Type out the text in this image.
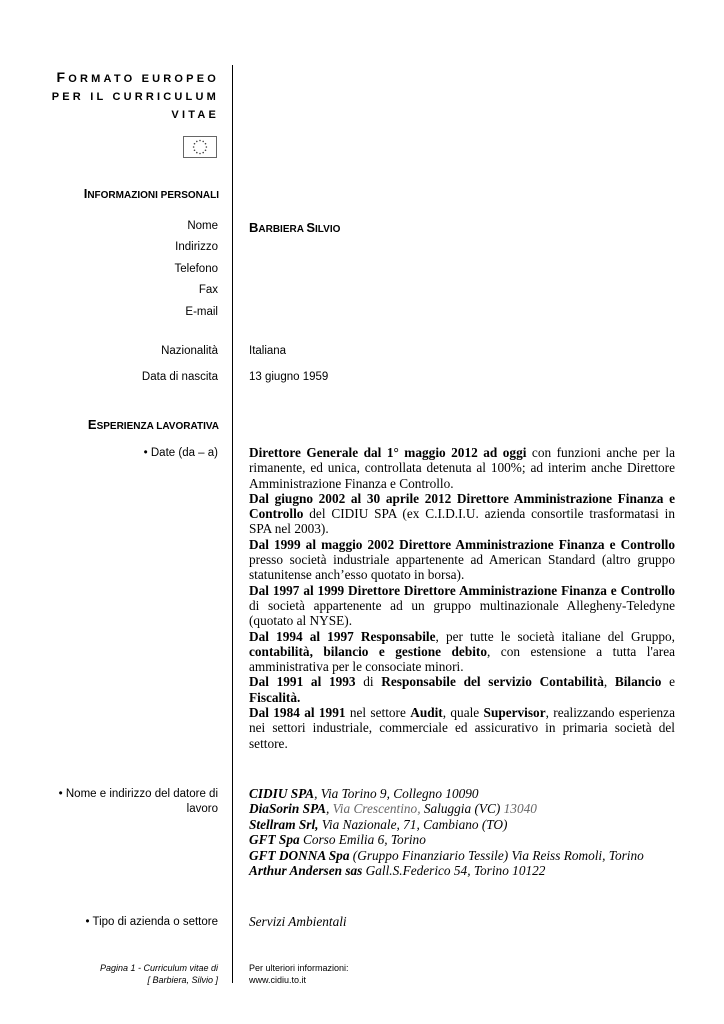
FORMATO EUROPEO
PER IL CURRICULUM
VITAE
INFORMAZIONI PERSONALI
Nome
Indirizzo
Telefono
Fax
E-mail
Nazionalità
Data di nascita
BARBIERA SILVIO
Italiana
13 giugno 1959
ESPERIENZA LAVORATIVA
• Date (da – a) Direttore Generale dal 1° maggio 2012 ad oggi con funzioni anche per la rimanente, ed unica, controllata detenuta al 100%; ad interim anche Direttore Amministrazione Finanza e Controllo.

Dal giugno 2002 al 30 aprile 2012 Direttore Amministrazione Finanza e Controllo del CIDIU SPA (ex C.I.D.I.U. azienda consortile trasformatasi in SPA nel 2003).

Dal 1999 al maggio 2002 Direttore Amministrazione Finanza e Controllo presso società industriale appartenente ad American Standard (altro gruppo statunitense anch’esso quotato in borsa).

Dal 1997 al 1999 Direttore Direttore Amministrazione Finanza e Controllo di società appartenente ad un gruppo multinazionale Allegheny-Teledyne (quotato al NYSE).

Dal 1994 al 1997 Responsabile, per tutte le società italiane del Gruppo, contabilità, bilancio e gestione debito, con estensione a tutta l'area amministrativa per le consociate minori.

Dal 1991 al 1993 di Responsabile del servizio Contabilità, Bilancio e Fiscalità.

Dal 1984 al 1991 nel settore Audit, quale Supervisor, realizzando esperienza nei settori industriale, commerciale ed assicurativo in primaria società del settore.

• Nome e indirizzo del datore di
lavoro
CIDIU SPA, Via Torino 9, Collegno 10090
DiaSorin SPA, Via Crescentino, Saluggia (VC) 13040
Stellram Srl, Via Nazionale, 71, Cambiano (TO)
GFT Spa Corso Emilia 6, Torino
GFT DONNA Spa (Gruppo Finanziario Tessile) Via Reiss Romoli, Torino
Arthur Andersen sas Gall.S.Federico 54, Torino 10122
• Tipo di azienda o settore Servizi Ambientali
Pagina 1 - Curriculum vitae di
[ Barbiera, Silvio ]
Per ulteriori informazioni:
www.cidiu.to.it
